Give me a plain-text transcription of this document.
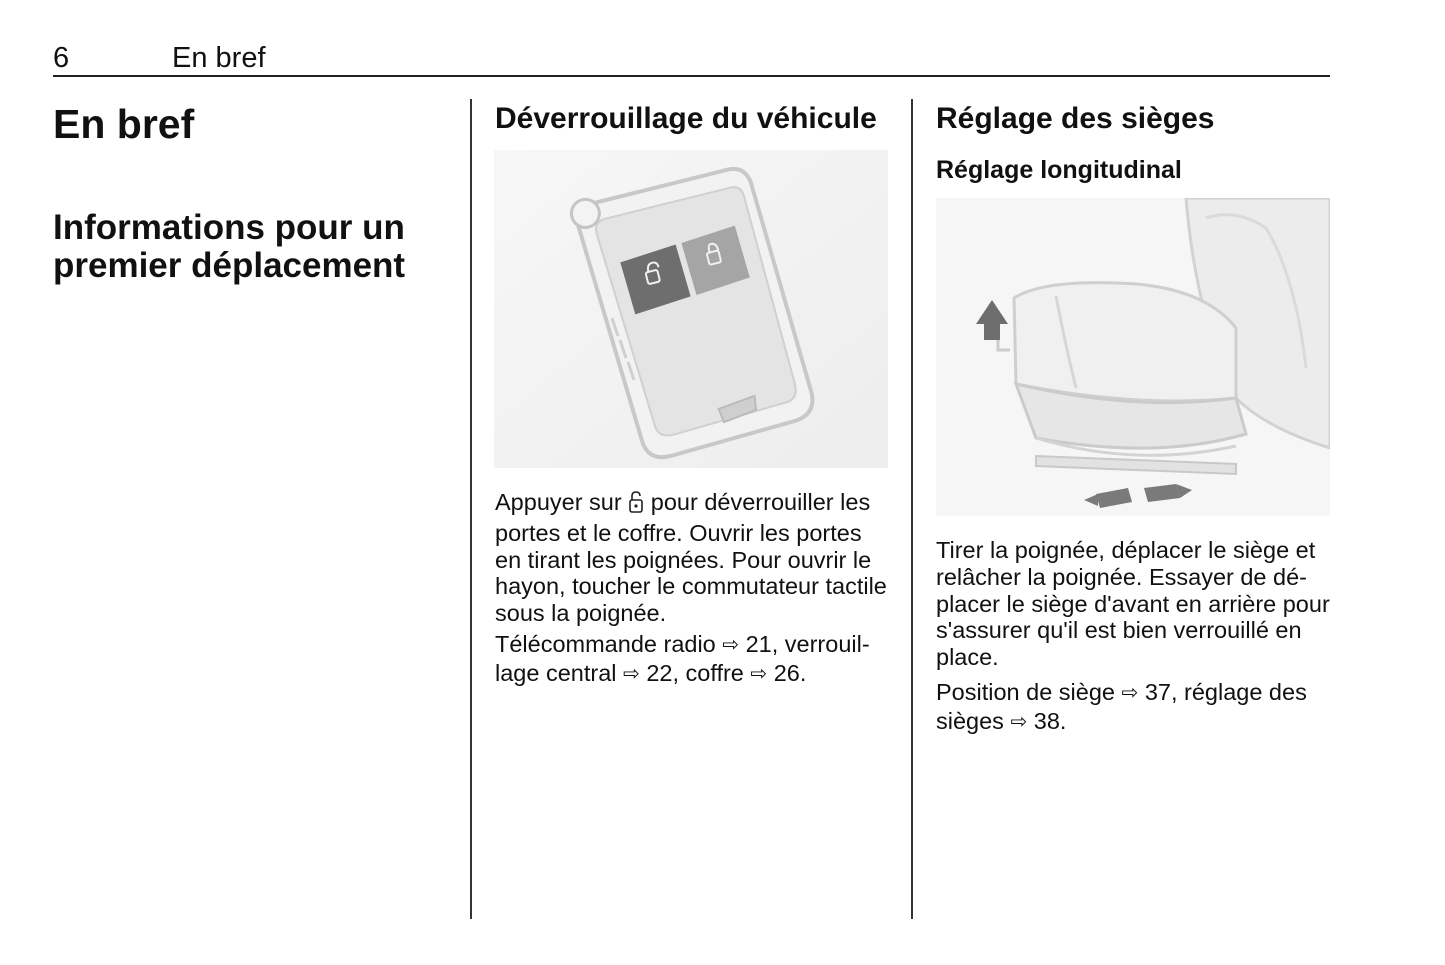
6	En bref
En bref
Informations pour un premier déplacement
Déverrouillage du véhicule

Appuyer sur pour déverrouiller les portes et le coffre. Ouvrir les portes en tirant les poignées. Pour ouvrir le hayon, toucher le commutateur tactile sous la poignée.

Télécommande radio ⇨ 21, verrouil-lage central ⇨ 22, coffre ⇨ 26.

Réglage des sièges
Réglage longitudinal

Tirer la poignée, déplacer le siège et relâcher la poignée. Essayer de dé-placer le siège d'avant en arrière pour s'assurer qu'il est bien verrouillé en place.

Position de siège ⇨ 37, réglage des sièges ⇨ 38.
